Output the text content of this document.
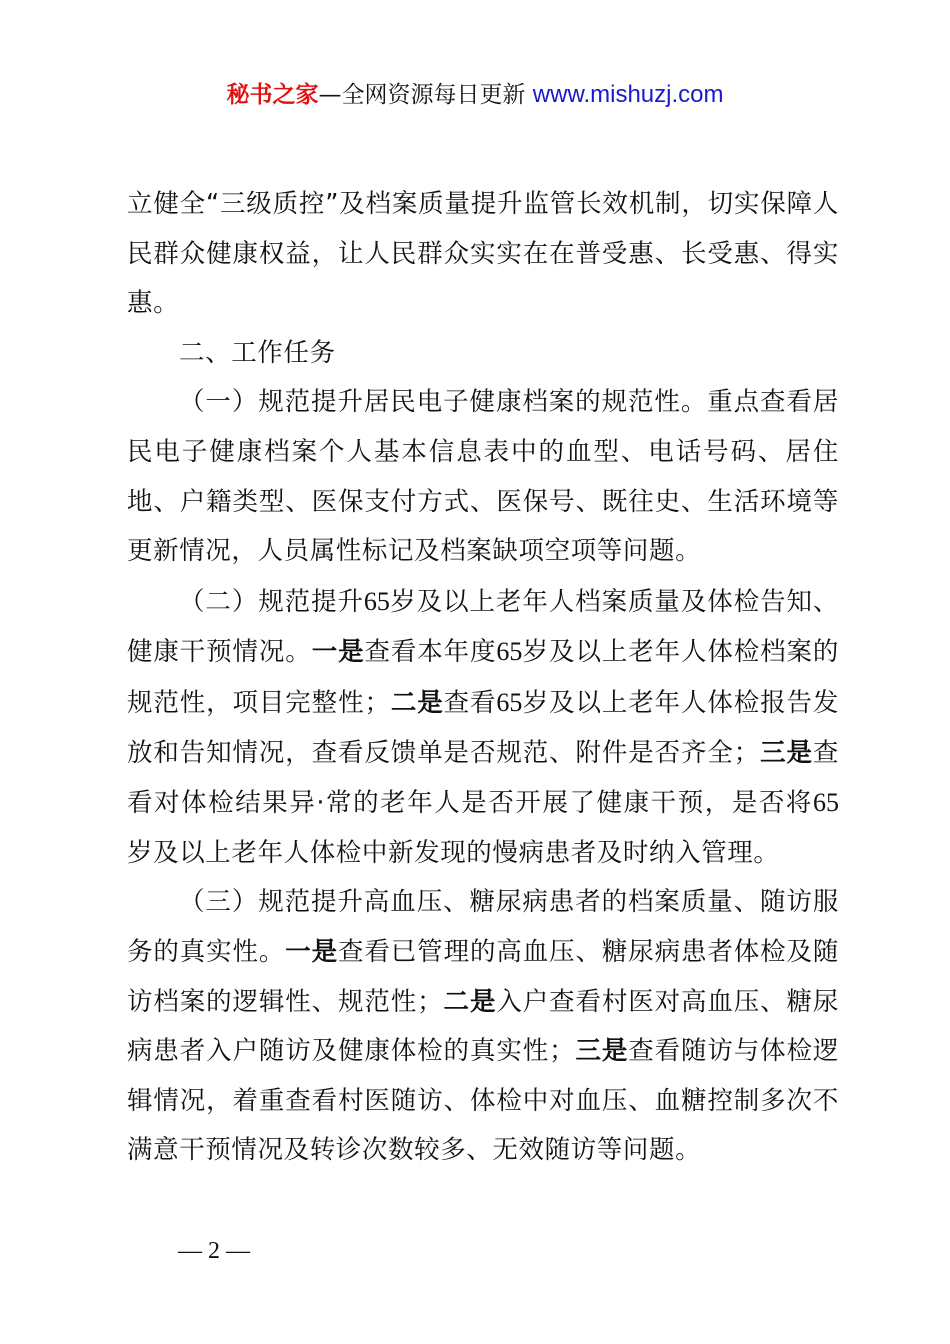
秘书之家—全网资源每日更新 www.mishuzj.com

立健全“三级质控”及档案质量提升监管长效机制，切实保障人民群众健康权益，让人民群众实实在在普受惠、长受惠、得实惠。

二、工作任务

（一）规范提升居民电子健康档案的规范性。重点查看居民电子健康档案个人基本信息表中的血型、电话号码、居住地、户籍类型、医保支付方式、医保号、既往史、生活环境等更新情况，人员属性标记及档案缺项空项等问题。

（二）规范提升65岁及以上老年人档案质量及体检告知、健康干预情况。一是查看本年度65岁及以上老年人体检档案的规范性，项目完整性；二是查看65岁及以上老年人体检报告发放和告知情况，查看反馈单是否规范、附件是否齐全；三是查看对体检结果异·常的老年人是否开展了健康干预，是否将65岁及以上老年人体检中新发现的慢病患者及时纳入管理。

（三）规范提升高血压、糖尿病患者的档案质量、随访服务的真实性。一是查看已管理的高血压、糖尿病患者体检及随访档案的逻辑性、规范性；二是入户查看村医对高血压、糖尿病患者入户随访及健康体检的真实性；三是查看随访与体检逻辑情况，着重查看村医随访、体检中对血压、血糖控制多次不满意干预情况及转诊次数较多、无效随访等问题。

— 2 —
